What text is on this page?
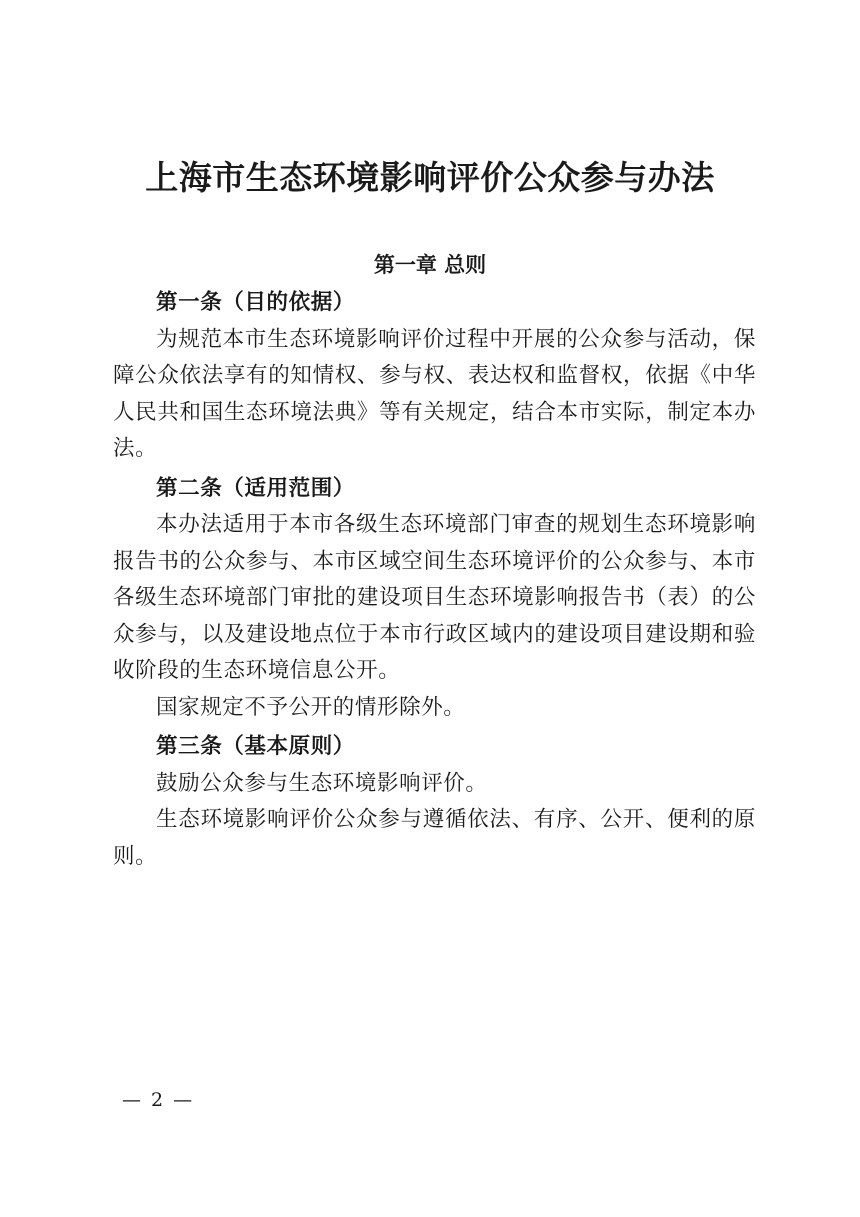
上海市生态环境影响评价公众参与办法
第一章 总则
第一条（目的依据）

为规范本市生态环境影响评价过程中开展的公众参与活动，保障公众依法享有的知情权、参与权、表达权和监督权，依据《中华人民共和国生态环境法典》等有关规定，结合本市实际，制定本办法。

第二条（适用范围）

本办法适用于本市各级生态环境部门审查的规划生态环境影响报告书的公众参与、本市区域空间生态环境评价的公众参与、本市各级生态环境部门审批的建设项目生态环境影响报告书（表）的公众参与，以及建设地点位于本市行政区域内的建设项目建设期和验收阶段的生态环境信息公开。

国家规定不予公开的情形除外。

第三条（基本原则）

鼓励公众参与生态环境影响评价。

生态环境影响评价公众参与遵循依法、有序、公开、便利的原则。

— 2 —
